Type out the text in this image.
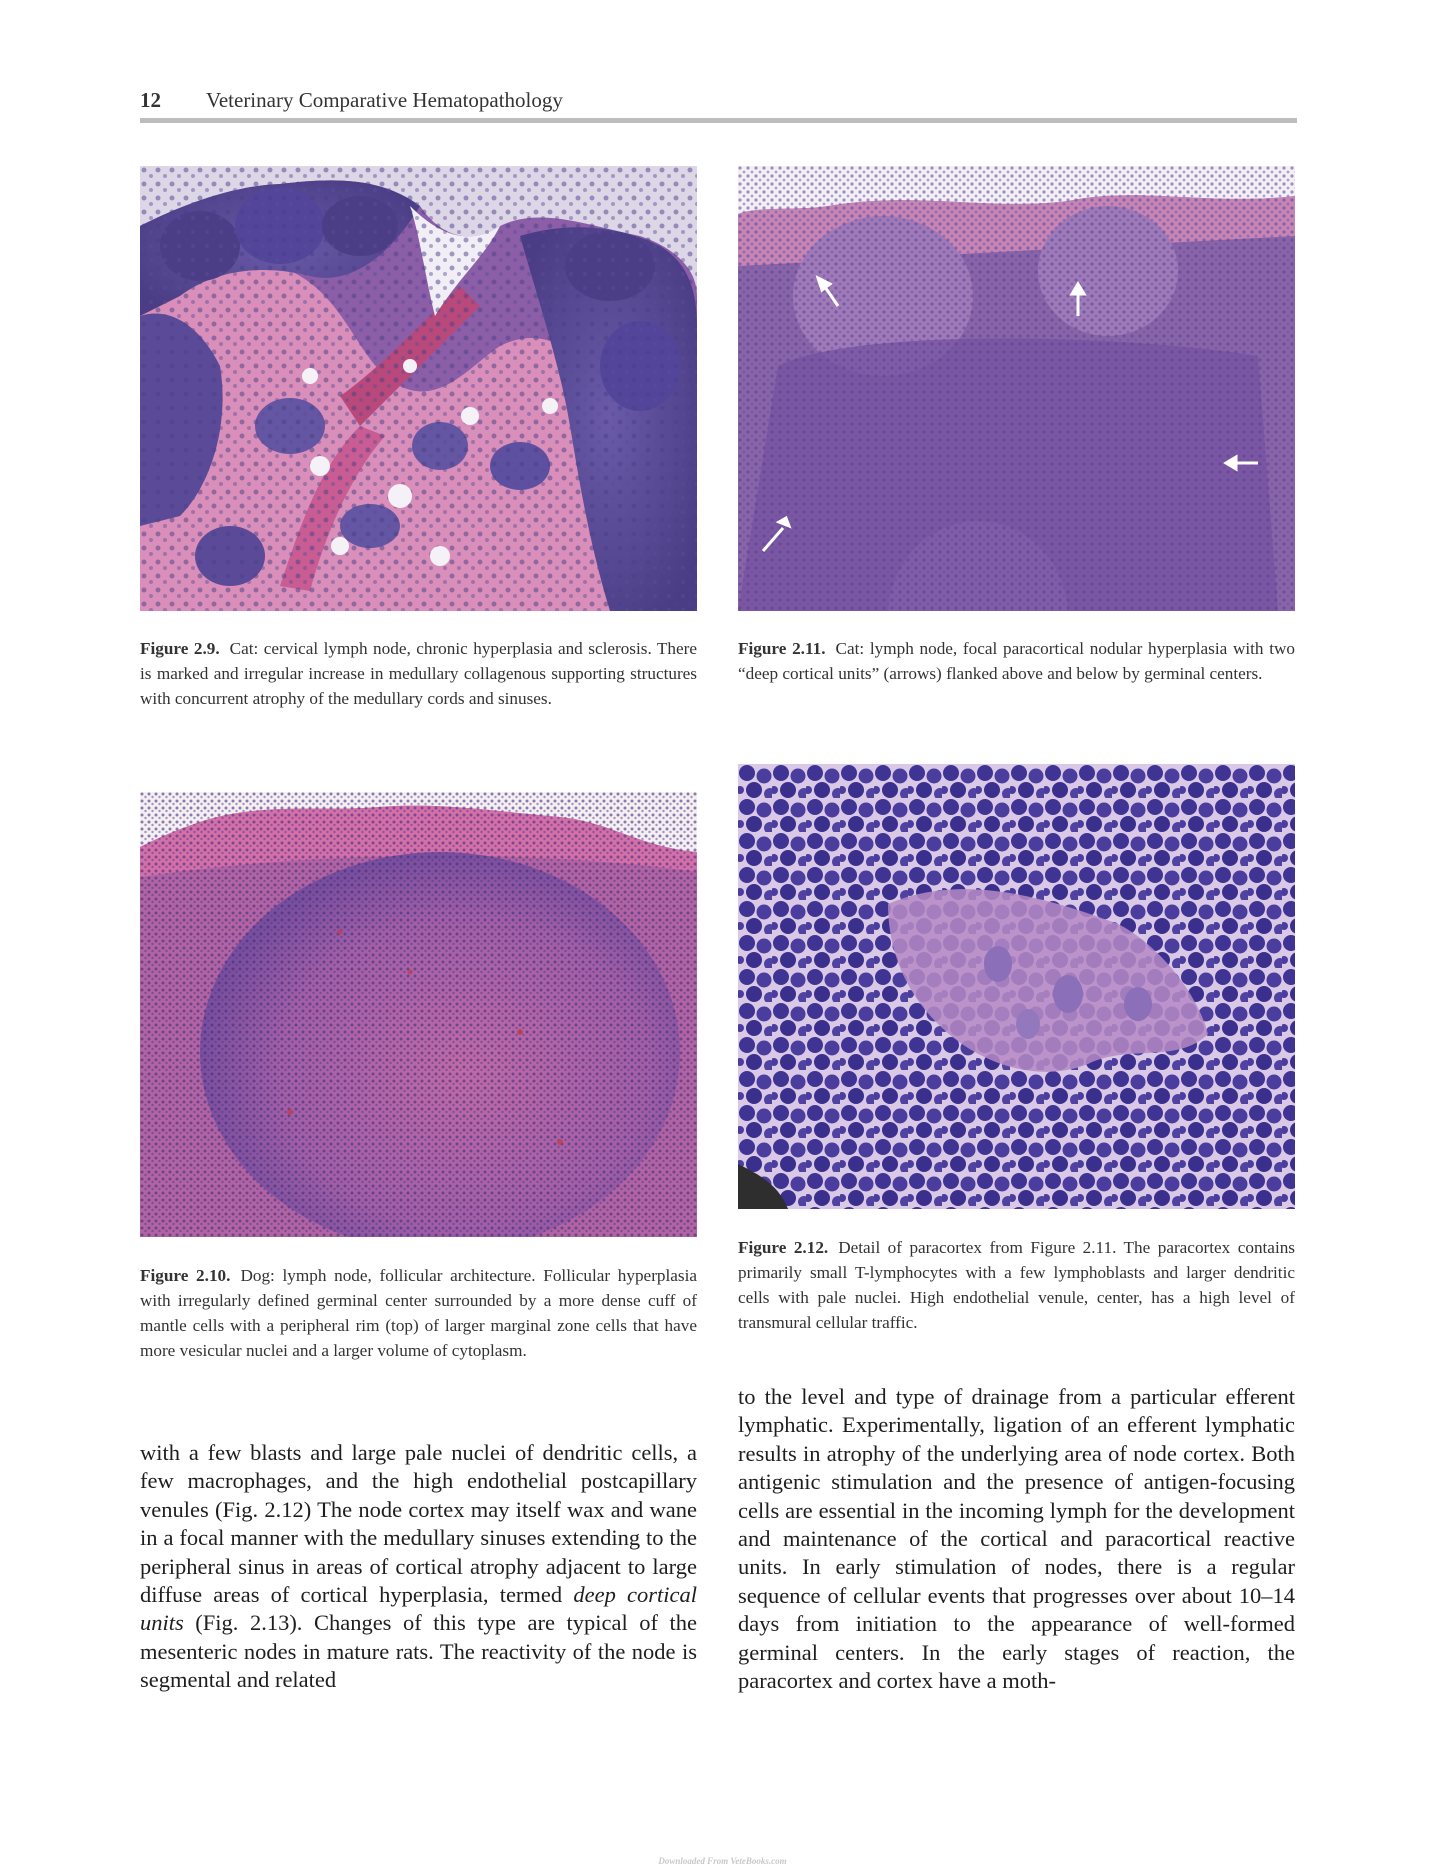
12 Veterinary Comparative Hematopathology

Figure 2.9. Cat: cervical lymph node, chronic hyperplasia and sclerosis. There is marked and irregular increase in medullary collagenous supporting structures with concurrent atrophy of the medullary cords and sinuses.

Figure 2.11. Cat: lymph node, focal paracortical nodular hyperplasia with two “deep cortical units” (arrows) flanked above and below by germinal centers.

Figure 2.10. Dog: lymph node, follicular architecture. Follicular hyperplasia with irregularly defined germinal center surrounded by a more dense cuff of mantle cells with a peripheral rim (top) of larger marginal zone cells that have more vesicular nuclei and a larger volume of cytoplasm.

Figure 2.12. Detail of paracortex from Figure 2.11. The paracortex contains primarily small T-lymphocytes with a few lymphoblasts and larger dendritic cells with pale nuclei. High endothelial venule, center, has a high level of transmural cellular traffic.

with a few blasts and large pale nuclei of dendritic cells, a few macrophages, and the high endothelial postcapillary venules (Fig. 2.12) The node cortex may itself wax and wane in a focal manner with the medullary sinuses extending to the peripheral sinus in areas of cortical atrophy adjacent to large diffuse areas of cortical hyperplasia, termed deep cortical units (Fig. 2.13). Changes of this type are typical of the mesenteric nodes in mature rats. The reactivity of the node is segmental and related

to the level and type of drainage from a particular efferent lymphatic. Experimentally, ligation of an efferent lymphatic results in atrophy of the underlying area of node cortex. Both antigenic stimulation and the presence of antigen-focusing cells are essential in the incoming lymph for the development and maintenance of the cortical and paracortical reactive units. In early stimulation of nodes, there is a regular sequence of cellular events that progresses over about 10–14 days from initiation to the appearance of well-formed germinal centers. In the early stages of reaction, the paracortex and cortex have a moth-

Downloaded From VeteBooks.com
